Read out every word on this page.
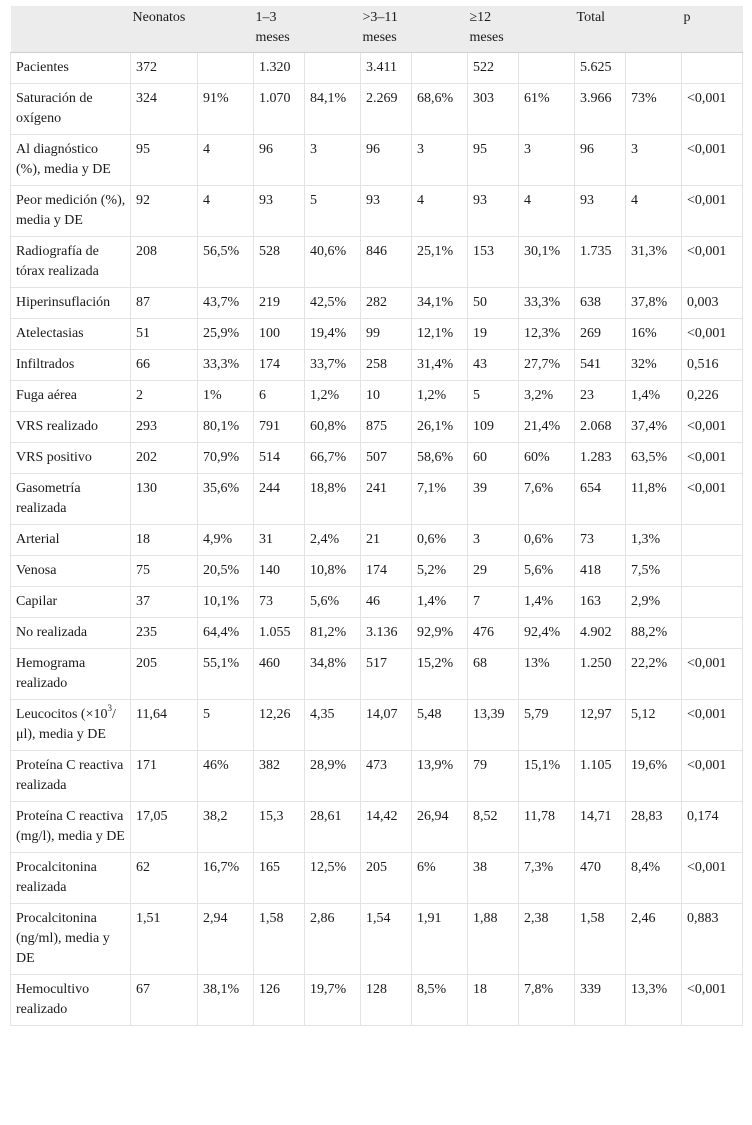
	Neonatos		1–3 meses		>3–11 meses		≥12 meses		Total		p
Pacientes	372		1.320		3.411		522		5.625		
Saturación de oxígeno	324	91%	1.070	84,1%	2.269	68,6%	303	61%	3.966	73%	<0,001
Al diagnóstico (%), media y DE	95	4	96	3	96	3	95	3	96	3	<0,001
Peor medición (%), media y DE	92	4	93	5	93	4	93	4	93	4	<0,001
Radiografía de tórax realizada	208	56,5%	528	40,6%	846	25,1%	153	30,1%	1.735	31,3%	<0,001
Hiperinsuflación	87	43,7%	219	42,5%	282	34,1%	50	33,3%	638	37,8%	0,003
Atelectasias	51	25,9%	100	19,4%	99	12,1%	19	12,3%	269	16%	<0,001
Infiltrados	66	33,3%	174	33,7%	258	31,4%	43	27,7%	541	32%	0,516
Fuga aérea	2	1%	6	1,2%	10	1,2%	5	3,2%	23	1,4%	0,226
VRS realizado	293	80,1%	791	60,8%	875	26,1%	109	21,4%	2.068	37,4%	<0,001
VRS positivo	202	70,9%	514	66,7%	507	58,6%	60	60%	1.283	63,5%	<0,001
Gasometría realizada	130	35,6%	244	18,8%	241	7,1%	39	7,6%	654	11,8%	<0,001
Arterial	18	4,9%	31	2,4%	21	0,6%	3	0,6%	73	1,3%	
Venosa	75	20,5%	140	10,8%	174	5,2%	29	5,6%	418	7,5%	
Capilar	37	10,1%	73	5,6%	46	1,4%	7	1,4%	163	2,9%	
No realizada	235	64,4%	1.055	81,2%	3.136	92,9%	476	92,4%	4.902	88,2%	
Hemograma realizado	205	55,1%	460	34,8%	517	15,2%	68	13%	1.250	22,2%	<0,001
Leucocitos $(\times 10^3/\mu l)$, media y DE	11,64	5	12,26	4,35	14,07	5,48	13,39	5,79	12,97	5,12	<0,001
Proteína C reactiva realizada	171	46%	382	28,9%	473	13,9%	79	15,1%	1.105	19,6%	<0,001
Proteína C reactiva (mg/l), media y DE	17,05	38,2	15,3	28,61	14,42	26,94	8,52	11,78	14,71	28,83	0,174
Procalcitonina realizada	62	16,7%	165	12,5%	205	6%	38	7,3%	470	8,4%	<0,001
Procalcitonina (ng/ml), media y DE	1,51	2,94	1,58	2,86	1,54	1,91	1,88	2,38	1,58	2,46	0,883
Hemocultivo realizado	67	38,1%	126	19,7%	128	8,5%	18	7,8%	339	13,3%	<0,001
